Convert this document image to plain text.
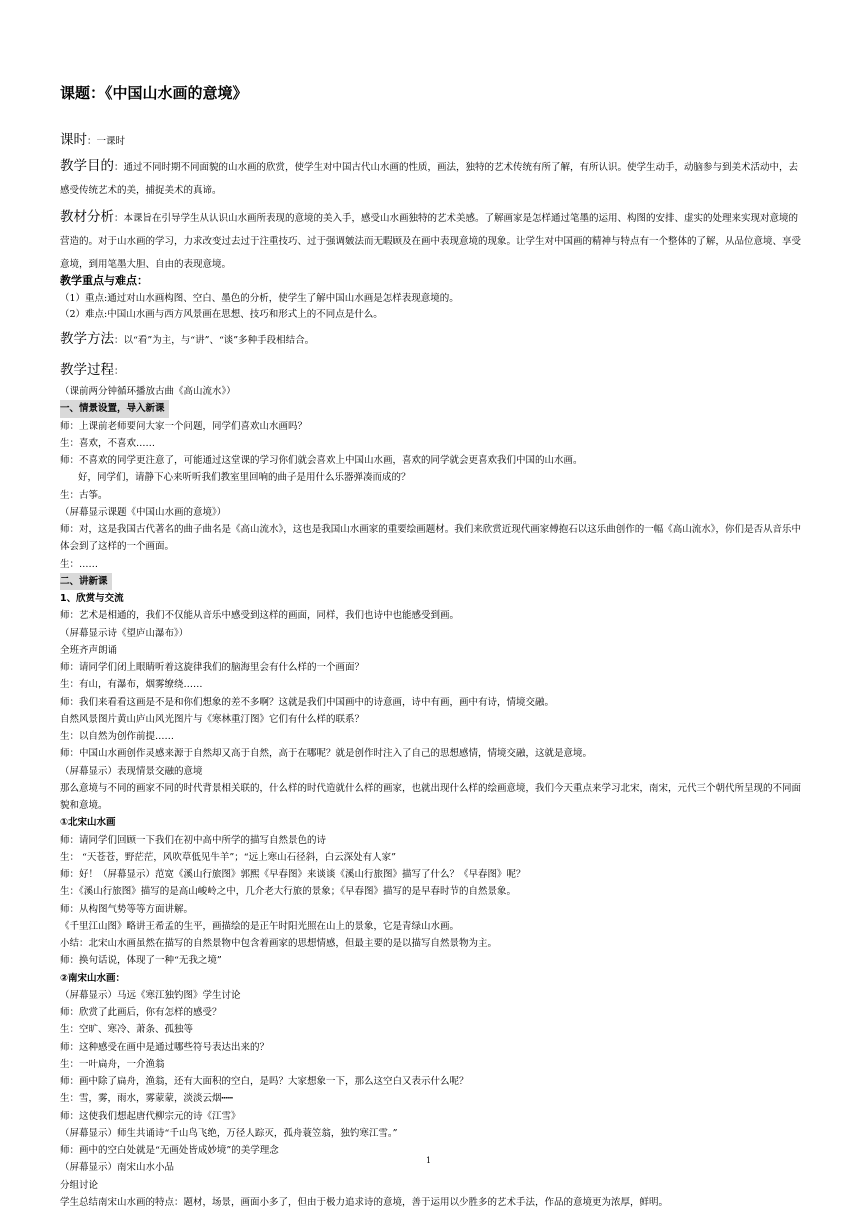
课题：《中国山水画的意境》
课时：一课时
教学目的：通过不同时期不同面貌的山水画的欣赏，使学生对中国古代山水画的性质，画法，独特的艺术传统有所了解，有所认识。使学生动手，动脑参与到美术活动中，去感受传统艺术的美，捕捉美术的真谛。
教材分析：本课旨在引导学生从认识山水画所表现的意境的美入手，感受山水画独特的艺术美感。了解画家是怎样通过笔墨的运用、构图的安排、虚实的处理来实现对意境的营造的。对于山水画的学习，力求改变过去过于注重技巧、过于强调皴法而无暇顾及在画中表现意境的现象。让学生对中国画的精神与特点有一个整体的了解，从品位意境、享受意境，到用笔墨大胆、自由的表现意境。
教学重点与难点：
（1）重点:通过对山水画构图、空白、墨色的分析，使学生了解中国山水画是怎样表现意境的。
（2）难点:中国山水画与西方风景画在思想、技巧和形式上的不同点是什么。
教学方法：以“看”为主，与“讲”、“谈”多种手段相结合。
教学过程：
（课前两分钟循环播放古曲《高山流水》）
一、情景设置，导入新课
师：上课前老师要问大家一个问题，同学们喜欢山水画吗？
生：喜欢，不喜欢……
师：不喜欢的同学更注意了，可能通过这堂课的学习你们就会喜欢上中国山水画，喜欢的同学就会更喜欢我们中国的山水画。
好，同学们，请静下心来听听我们教室里回响的曲子是用什么乐器弹凑而成的？
生：古筝。
（屏幕显示课题《中国山水画的意境》）
师：对，这是我国古代著名的曲子曲名是《高山流水》，这也是我国山水画家的重要绘画题材。我们来欣赏近现代画家傅抱石以这乐曲创作的一幅《高山流水》，你们是否从音乐中体会到了这样的一个画面。
生：……
二、讲新课
1、欣赏与交流
师：艺术是相通的，我们不仅能从音乐中感受到这样的画面，同样，我们也诗中也能感受到画。
（屏幕显示诗《望庐山瀑布》）
全班齐声朗诵
师：请同学们闭上眼睛听着这旋律我们的脑海里会有什么样的一个画面？
生：有山，有瀑布，烟雾缭绕……
师：我们来看看这画是不是和你们想象的差不多啊？这就是我们中国画中的诗意画，诗中有画，画中有诗，情境交融。
自然风景图片黄山庐山风光图片与《寒林重汀图》它们有什么样的联系？
生：以自然为创作前提……
师：中国山水画创作灵感来源于自然却又高于自然，高于在哪呢？就是创作时注入了自己的思想感情，情境交融，这就是意境。
（屏幕显示）表现情景交融的意境
那么意境与不同的画家不同的时代背景相关联的，什么样的时代造就什么样的画家，也就出现什么样的绘画意境，我们今天重点来学习北宋，南宋，元代三个朝代所呈现的不同面貌和意境。
①北宋山水画
师：请同学们回顾一下我们在初中高中所学的描写自然景色的诗
生： “天苍苍，野茫茫，风吹草低见牛羊”；“远上寒山石径斜，白云深处有人家”
师：好！（屏幕显示）范宽《溪山行旅图》郭熙《早春图》来谈谈《溪山行旅图》描写了什么？《早春图》呢？
生：《溪山行旅图》描写的是高山峻岭之中，几介老大行旅的景象；《早春图》描写的是早春时节的自然景象。
师：从构图气势等等方面讲解。
《千里江山图》略讲王希孟的生平，画描绘的是正午时阳光照在山上的景象，它是青绿山水画。
小结：北宋山水画虽然在描写的自然景物中包含着画家的思想情感，但最主要的是以描写自然景物为主。
师：换句话说，体现了一种“无我之境”
②南宋山水画：
（屏幕显示）马远《寒江独钓图》学生讨论
师：欣赏了此画后，你有怎样的感受？
生：空旷、寒冷、萧条、孤独等
师：这种感受在画中是通过哪些符号表达出来的？
生：一叶扁舟，一介渔翁
师：画中除了扁舟，渔翁，还有大面积的空白，是吗？大家想象一下，那么这空白又表示什么呢？
生：雪，雾，雨水，雾蒙蒙，淡淡云烟┅┅
师：这使我们想起唐代柳宗元的诗《江雪》
（屏幕显示）师生共诵诗“千山鸟飞绝，万径人踪灭，孤舟蓑笠翁，独钓寒江雪。”
师：画中的空白处就是“无画处皆成妙境”的美学理念
（屏幕显示）南宋山水小品
分组讨论
学生总结南宋山水画的特点：题材，场景，画面小多了，但由于极力追求诗的意境，善于运用以少胜多的艺术手法，作品的意境更为浓厚，鲜明。
1
